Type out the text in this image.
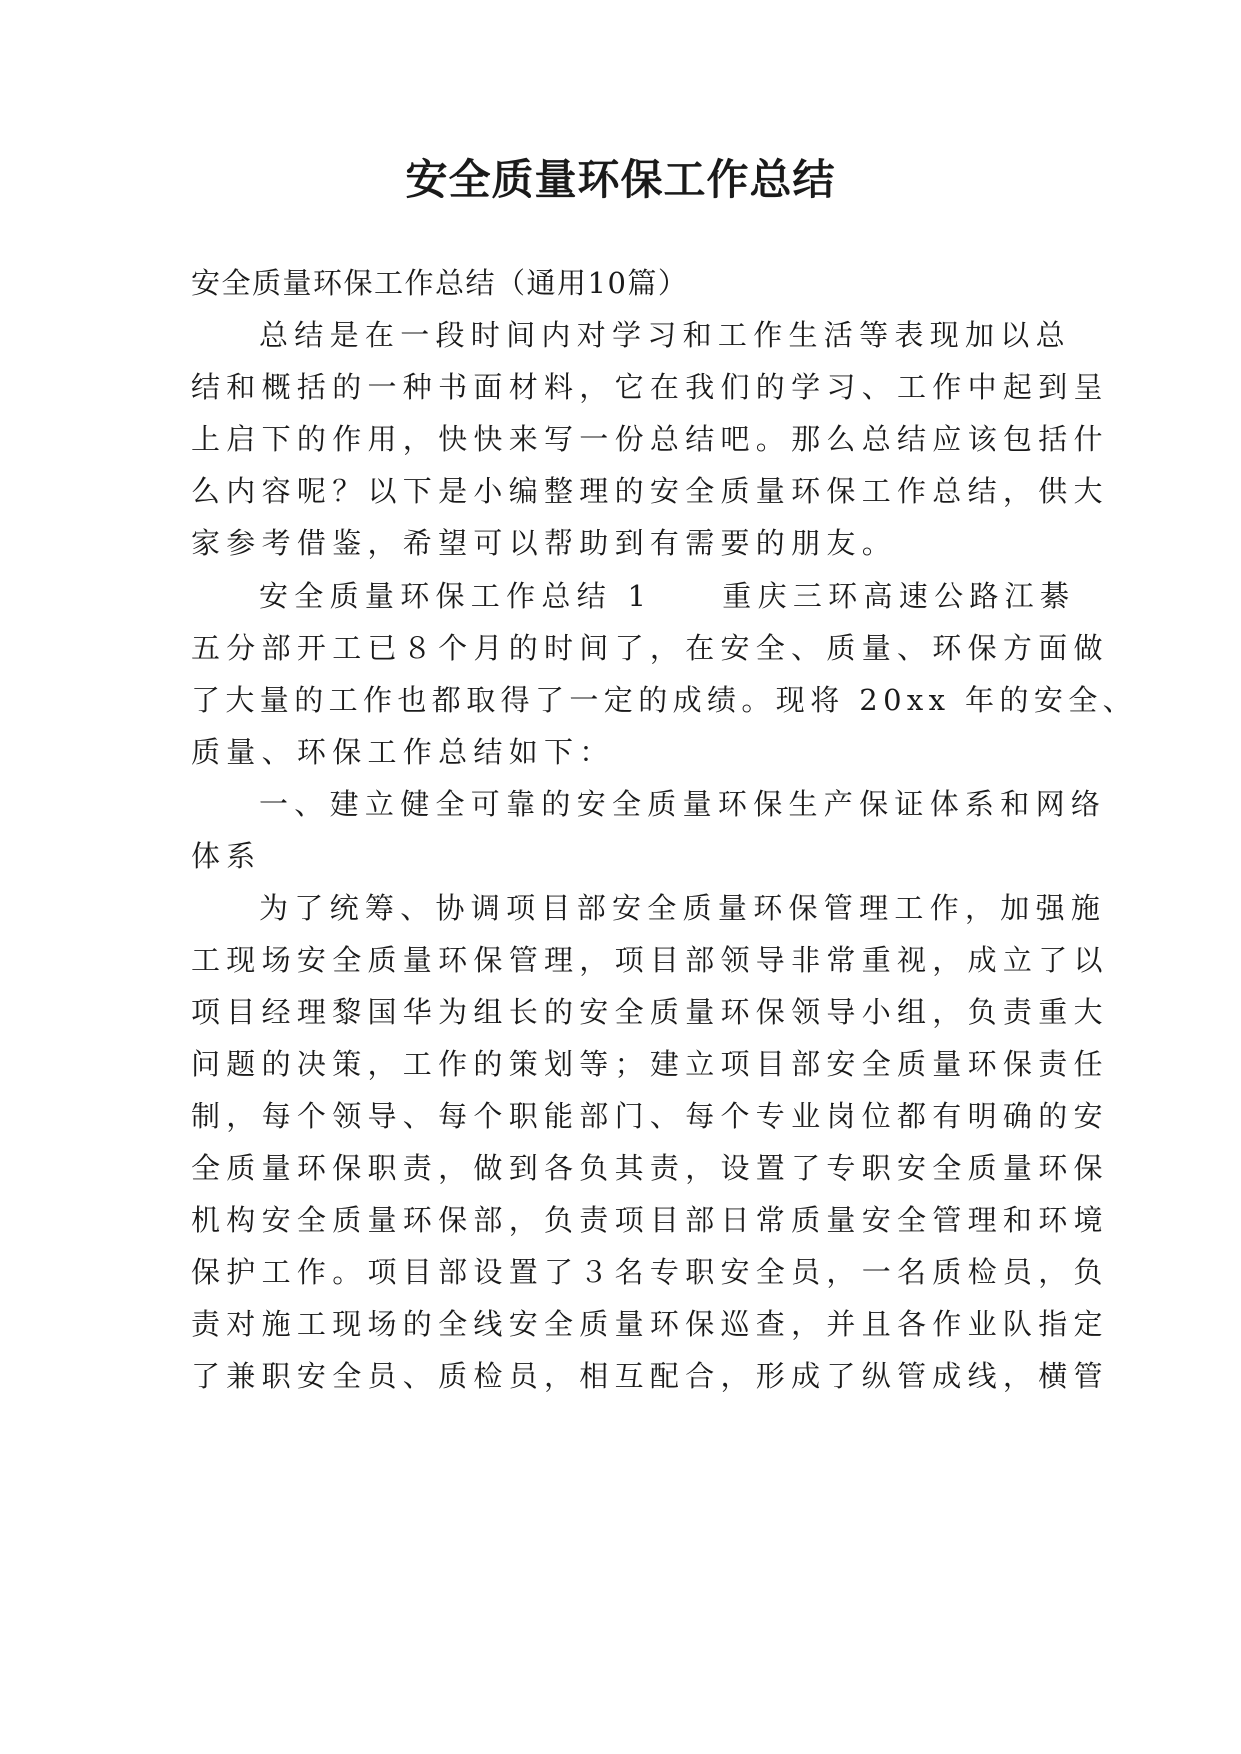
安全质量环保工作总结

安全质量环保工作总结（通用10篇）

总结是在一段时间内对学习和工作生活等表现加以总

结和概括的一种书面材料，它在我们的学习、工作中起到呈

上启下的作用，快快来写一份总结吧。那么总结应该包括什

么内容呢？以下是小编整理的安全质量环保工作总结，供大

家参考借鉴，希望可以帮助到有需要的朋友。

安全质量环保工作总结 1 重庆三环高速公路江綦

五分部开工已８个月的时间了，在安全、质量、环保方面做

了大量的工作也都取得了一定的成绩。现将 20xx 年的安全、

质量、环保工作总结如下：

一、建立健全可靠的安全质量环保生产保证体系和网络

体系

为了统筹、协调项目部安全质量环保管理工作，加强施

工现场安全质量环保管理，项目部领导非常重视，成立了以

项目经理黎国华为组长的安全质量环保领导小组，负责重大

问题的决策，工作的策划等；建立项目部安全质量环保责任

制，每个领导、每个职能部门、每个专业岗位都有明确的安

全质量环保职责，做到各负其责，设置了专职安全质量环保

机构安全质量环保部，负责项目部日常质量安全管理和环境

保护工作。项目部设置了３名专职安全员，一名质检员，负

责对施工现场的全线安全质量环保巡查，并且各作业队指定

了兼职安全员、质检员，相互配合，形成了纵管成线，横管
